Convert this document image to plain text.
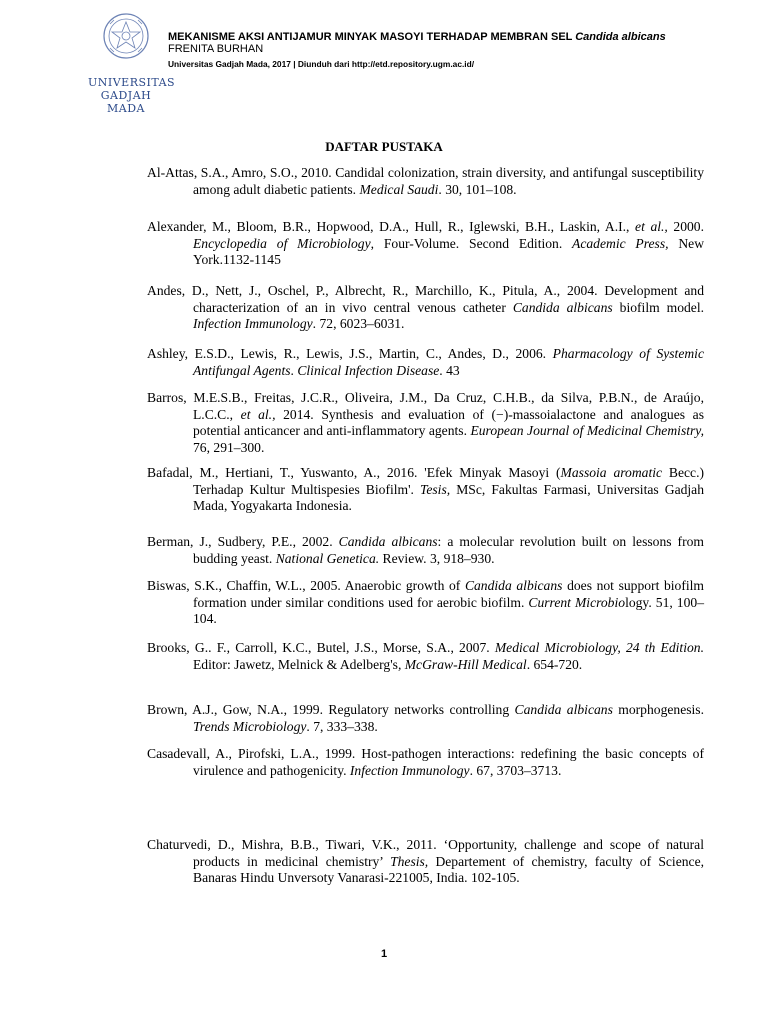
UNIVERSITAS
GADJAH MADA
MEKANISME AKSI ANTIJAMUR MINYAK MASOYI TERHADAP MEMBRAN SEL Candida albicans
FRENITA BURHAN
Universitas Gadjah Mada, 2017 | Diunduh dari http://etd.repository.ugm.ac.id/
DAFTAR PUSTAKA
Al-Attas, S.A., Amro, S.O., 2010. Candidal colonization, strain diversity, and antifungal susceptibility among adult diabetic patients. Medical Saudi. 30, 101–108.
Alexander, M., Bloom, B.R., Hopwood, D.A., Hull, R., Iglewski, B.H., Laskin, A.I., et al., 2000. Encyclopedia of Microbiology, Four-Volume. Second Edition. Academic Press, New York.1132-1145
Andes, D., Nett, J., Oschel, P., Albrecht, R., Marchillo, K., Pitula, A., 2004. Development and characterization of an in vivo central venous catheter Candida albicans biofilm model. Infection Immunology. 72, 6023–6031.
Ashley, E.S.D., Lewis, R., Lewis, J.S., Martin, C., Andes, D., 2006. Pharmacology of Systemic Antifungal Agents. Clinical Infection Disease. 43
Barros, M.E.S.B., Freitas, J.C.R., Oliveira, J.M., Da Cruz, C.H.B., da Silva, P.B.N., de Araújo, L.C.C., et al., 2014. Synthesis and evaluation of (−)-massoialactone and analogues as potential anticancer and anti-inflammatory agents. European Journal of Medicinal Chemistry, 76, 291–300.
Bafadal, M., Hertiani, T., Yuswanto, A., 2016. 'Efek Minyak Masoyi (Massoia aromatic Becc.) Terhadap Kultur Multispesies Biofilm'. Tesis, MSc, Fakultas Farmasi, Universitas Gadjah Mada, Yogyakarta Indonesia.
Berman, J., Sudbery, P.E., 2002. Candida albicans: a molecular revolution built on lessons from budding yeast. National Genetica. Review. 3, 918–930.
Biswas, S.K., Chaffin, W.L., 2005. Anaerobic growth of Candida albicans does not support biofilm formation under similar conditions used for aerobic biofilm. Current Microbiology. 51, 100–104.
Brooks, G.. F., Carroll, K.C., Butel, J.S., Morse, S.A., 2007. Medical Microbiology, 24 th Edition. Editor: Jawetz, Melnick & Adelberg's, McGraw-Hill Medical. 654-720.
Brown, A.J., Gow, N.A., 1999. Regulatory networks controlling Candida albicans morphogenesis. Trends Microbiology. 7, 333–338.
Casadevall, A., Pirofski, L.A., 1999. Host-pathogen interactions: redefining the basic concepts of virulence and pathogenicity. Infection Immunology. 67, 3703–3713.
Chaturvedi, D., Mishra, B.B., Tiwari, V.K., 2011. ‘Opportunity, challenge and scope of natural products in medicinal chemistry’ Thesis, Departement of chemistry, faculty of Science, Banaras Hindu Unversoty Vanarasi-221005, India. 102-105.
1
